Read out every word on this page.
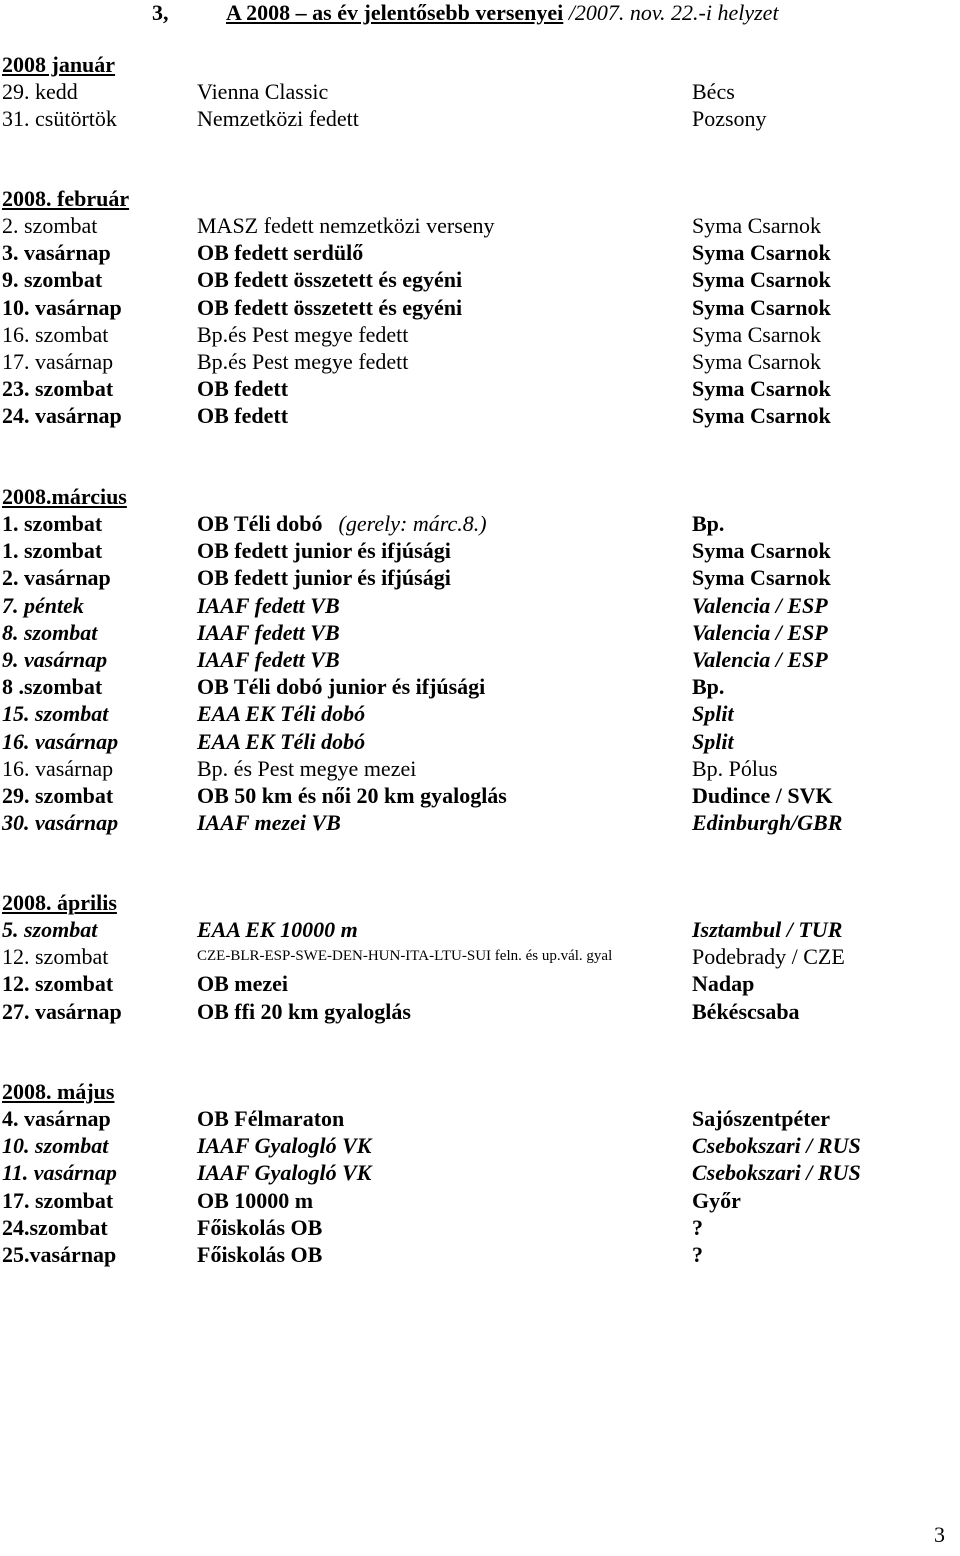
3,	A 2008 – as év jelentősebb versenyei /2007. nov. 22.-i helyzet
2008 január
29. kedd	Vienna Classic	Bécs
31. csütörtök	Nemzetközi fedett	Pozsony
2008. február
2. szombat	MASZ fedett nemzetközi verseny	Syma Csarnok
3. vasárnap	OB fedett serdülő	Syma Csarnok
9. szombat	OB fedett összetett és egyéni	Syma Csarnok
10. vasárnap	OB fedett összetett és egyéni	Syma Csarnok
16. szombat	Bp.és Pest megye fedett	Syma Csarnok
17. vasárnap	Bp.és Pest megye fedett	Syma Csarnok
23. szombat	OB fedett	Syma Csarnok
24. vasárnap	OB fedett	Syma Csarnok
2008.március
1. szombat	OB Téli dobó (gerely: márc.8.)	Bp.
1. szombat	OB fedett junior és ifjúsági	Syma Csarnok
2. vasárnap	OB fedett junior és ifjúsági	Syma Csarnok
7. péntek	IAAF fedett VB	Valencia / ESP
8. szombat	IAAF fedett VB	Valencia / ESP
9. vasárnap	IAAF fedett VB	Valencia / ESP
8 .szombat	OB Téli dobó junior és ifjúsági	Bp.
15. szombat	EAA EK Téli dobó	Split
16. vasárnap	EAA EK Téli dobó	Split
16. vasárnap	Bp. és Pest megye mezei	Bp. Pólus
29. szombat	OB 50 km és női 20 km gyaloglás	Dudince / SVK
30. vasárnap	IAAF mezei VB	Edinburgh/GBR
2008. április
5. szombat	EAA EK 10000 m	Isztambul / TUR
12. szombat	CZE-BLR-ESP-SWE-DEN-HUN-ITA-LTU-SUI feln. és up.vál. gyal	Podebrady / CZE
12. szombat	OB mezei	Nadap
27. vasárnap	OB ffi 20 km gyaloglás	Békéscsaba
2008. május
4. vasárnap	OB Félmaraton	Sajószentpéter
10. szombat	IAAF Gyalogló VK	Csebokszari / RUS
11. vasárnap	IAAF Gyalogló VK	Csebokszari / RUS
17. szombat	OB 10000 m	Győr
24.szombat	Főiskolás OB	?
25.vasárnap	Főiskolás OB	?
3
